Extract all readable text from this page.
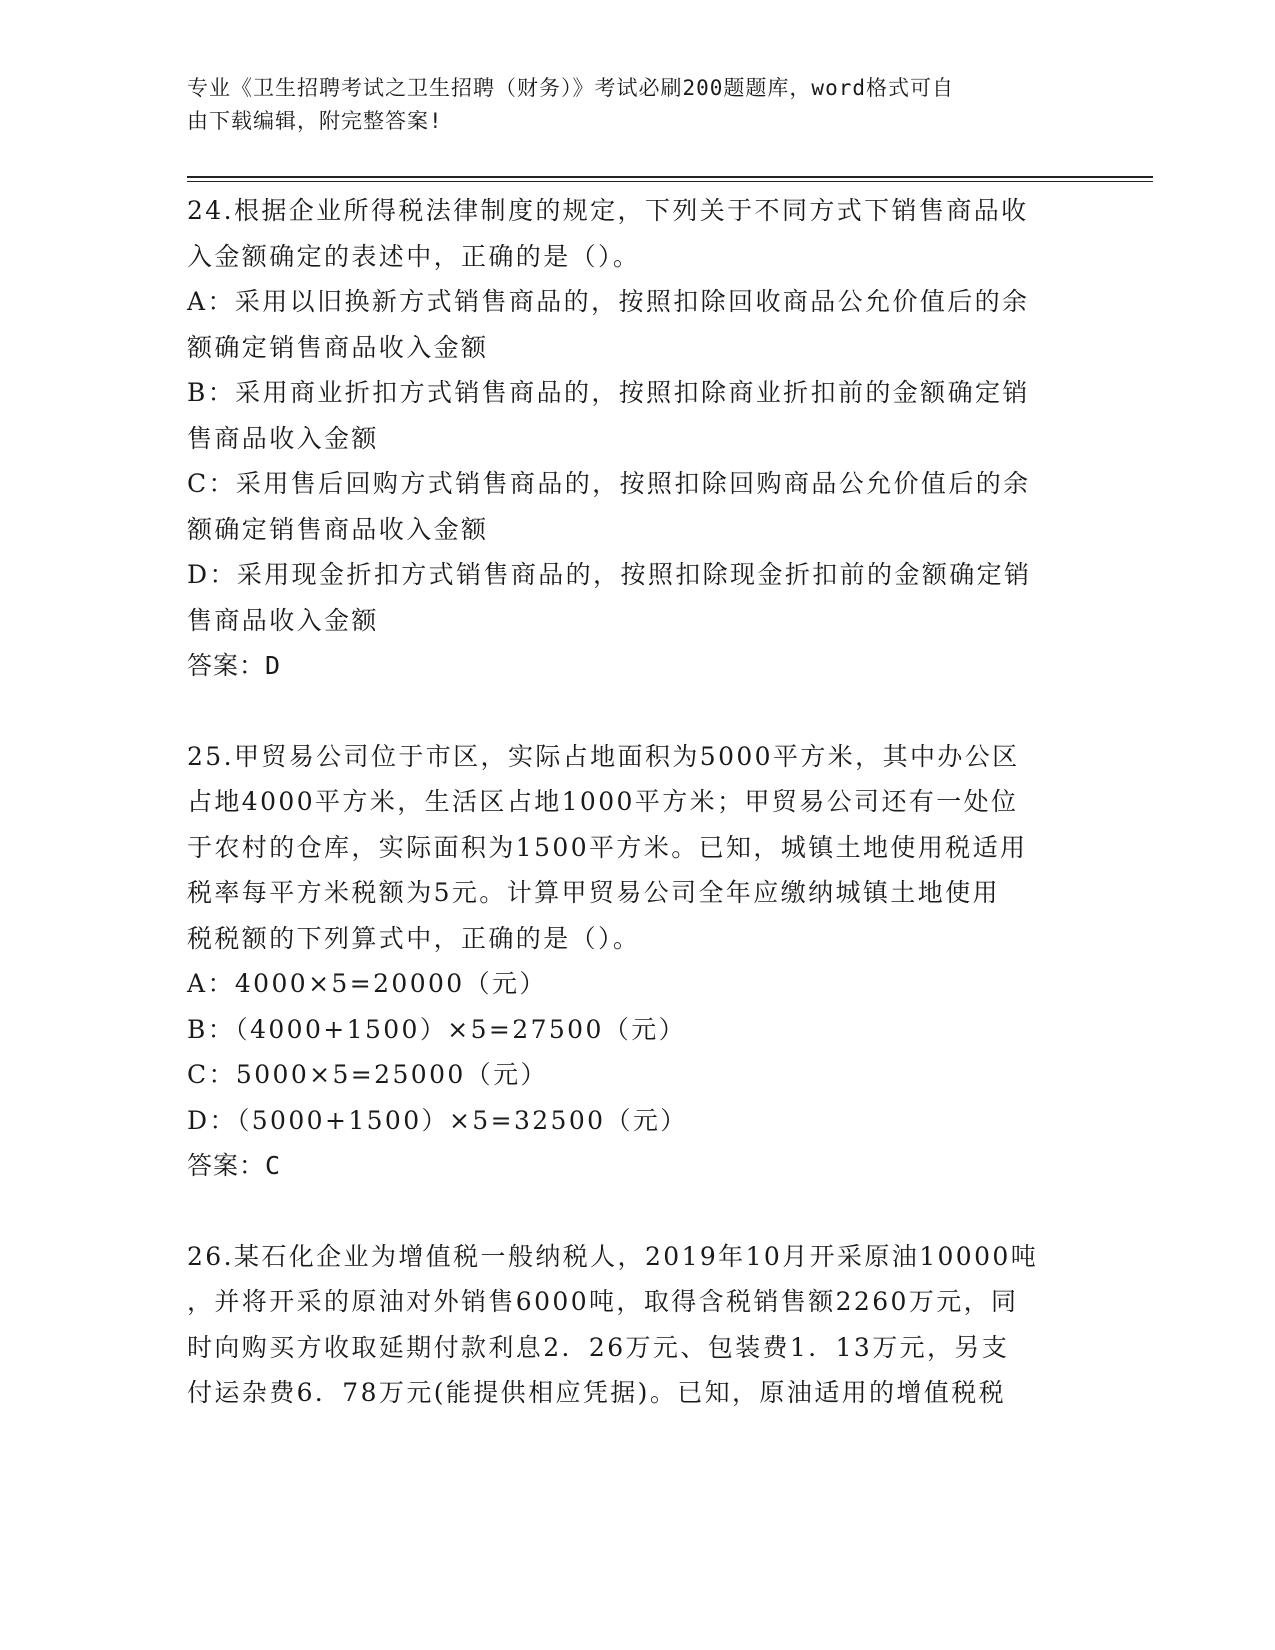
专业《卫生招聘考试之卫生招聘（财务）》考试必刷200题题库，word格式可自
由下载编辑，附完整答案!
24.根据企业所得税法律制度的规定，下列关于不同方式下销售商品收
入金额确定的表述中，正确的是（）。
A：采用以旧换新方式销售商品的，按照扣除回收商品公允价值后的余
额确定销售商品收入金额
B：采用商业折扣方式销售商品的，按照扣除商业折扣前的金额确定销
售商品收入金额
C：采用售后回购方式销售商品的，按照扣除回购商品公允价值后的余
额确定销售商品收入金额
D：采用现金折扣方式销售商品的，按照扣除现金折扣前的金额确定销
售商品收入金额
答案：D
25.甲贸易公司位于市区，实际占地面积为5000平方米，其中办公区
占地4000平方米，生活区占地1000平方米；甲贸易公司还有一处位
于农村的仓库，实际面积为1500平方米。已知，城镇土地使用税适用
税率每平方米税额为5元。计算甲贸易公司全年应缴纳城镇土地使用
税税额的下列算式中，正确的是（）。
A：4000×5=20000（元）
B：（4000+1500）×5=27500（元）
C：5000×5=25000（元）
D：（5000+1500）×5=32500（元）
答案：C
26.某石化企业为增值税一般纳税人，2019年10月开采原油10000吨
，并将开采的原油对外销售6000吨，取得含税销售额2260万元，同
时向购买方收取延期付款利息2．26万元、包装费1．13万元，另支
付运杂费6．78万元(能提供相应凭据)。已知，原油适用的增值税税
